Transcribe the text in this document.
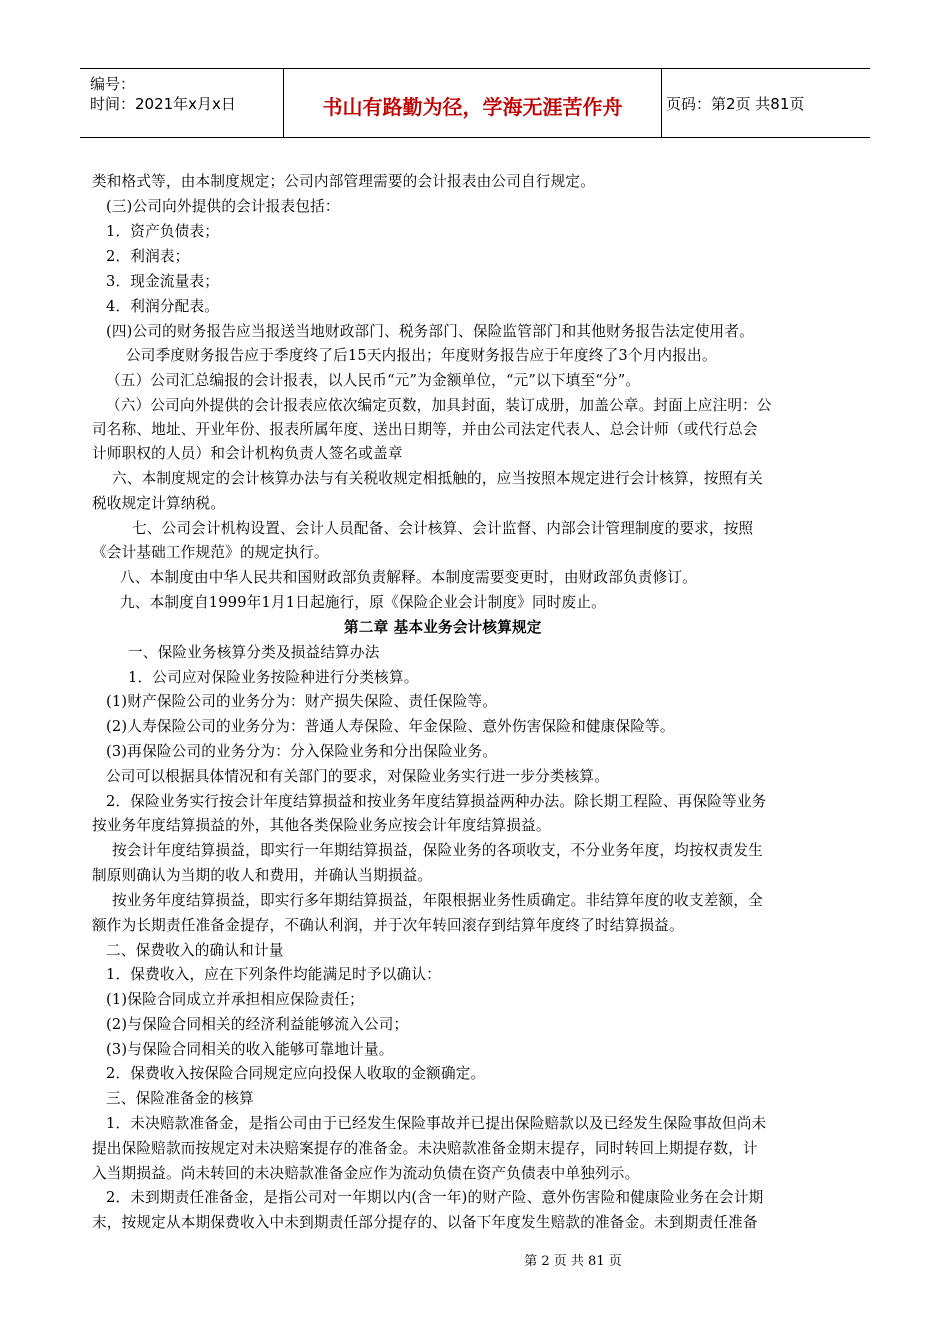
编号：
时间：2021年x月x日	书山有路勤为径，学海无涯苦作舟	页码：第2页 共81页
类和格式等，由本制度规定；公司内部管理需要的会计报表由公司自行规定。
(三)公司向外提供的会计报表包括：
1．资产负债表；
2．利润表；
3．现金流量表；
4．利润分配表。
(四)公司的财务报告应当报送当地财政部门、税务部门、保险监管部门和其他财务报告法定使用者。
公司季度财务报告应于季度终了后15天内报出；年度财务报告应于年度终了3个月内报出。
（五）公司汇总编报的会计报表，以人民币“元”为金额单位，“元”以下填至“分”。
（六）公司向外提供的会计报表应依次编定页数，加具封面，装订成册，加盖公章。封面上应注明：公
司名称、地址、开业年份、报表所属年度、送出日期等，并由公司法定代表人、总会计师（或代行总会
计师职权的人员）和会计机构负责人签名或盖章
六、本制度规定的会计核算办法与有关税收规定相抵触的，应当按照本规定进行会计核算，按照有关
税收规定计算纳税。
七、公司会计机构设置、会计人员配备、会计核算、会计监督、内部会计管理制度的要求，按照
《会计基础工作规范》的规定执行。
八、本制度由中华人民共和国财政部负责解释。本制度需要变更时，由财政部负责修订。
九、本制度自1999年1月1日起施行，原《保险企业会计制度》同时废止。
第二章 基本业务会计核算规定
一、保险业务核算分类及损益结算办法
1．公司应对保险业务按险种进行分类核算。
(1)财产保险公司的业务分为：财产损失保险、责任保险等。
(2)人寿保险公司的业务分为：普通人寿保险、年金保险、意外伤害保险和健康保险等。
(3)再保险公司的业务分为：分入保险业务和分出保险业务。
公司可以根据具体情况和有关部门的要求，对保险业务实行进一步分类核算。
2．保险业务实行按会计年度结算损益和按业务年度结算损益两种办法。除长期工程险、再保险等业务
按业务年度结算损益的外，其他各类保险业务应按会计年度结算损益。
按会计年度结算损益，即实行一年期结算损益，保险业务的各项收支，不分业务年度，均按权责发生
制原则确认为当期的收人和费用，并确认当期损益。
按业务年度结算损益，即实行多年期结算损益，年限根据业务性质确定。非结算年度的收支差额，全
额作为长期责任准备金提存，不确认利润，并于次年转回滚存到结算年度终了时结算损益。
二、保费收入的确认和计量
1．保费收入，应在下列条件均能满足时予以确认：
(1)保险合同成立并承担相应保险责任；
(2)与保险合同相关的经济利益能够流入公司；
(3)与保险合同相关的收入能够可靠地计量。
2．保费收入按保险合同规定应向投保人收取的金额确定。
三、保险准备金的核算
1．未决赔款准备金，是指公司由于已经发生保险事故并已提出保险赔款以及已经发生保险事故但尚未
提出保险赔款而按规定对未决赔案提存的准备金。未决赔款准备金期末提存，同时转回上期提存数，计
入当期损益。尚未转回的未决赔款准备金应作为流动负债在资产负债表中单独列示。
2．未到期责任准备金，是指公司对一年期以内(含一年)的财产险、意外伤害险和健康险业务在会计期
末，按规定从本期保费收入中未到期责任部分提存的、以备下年度发生赔款的准备金。未到期责任准备
第 2 页 共 81 页
